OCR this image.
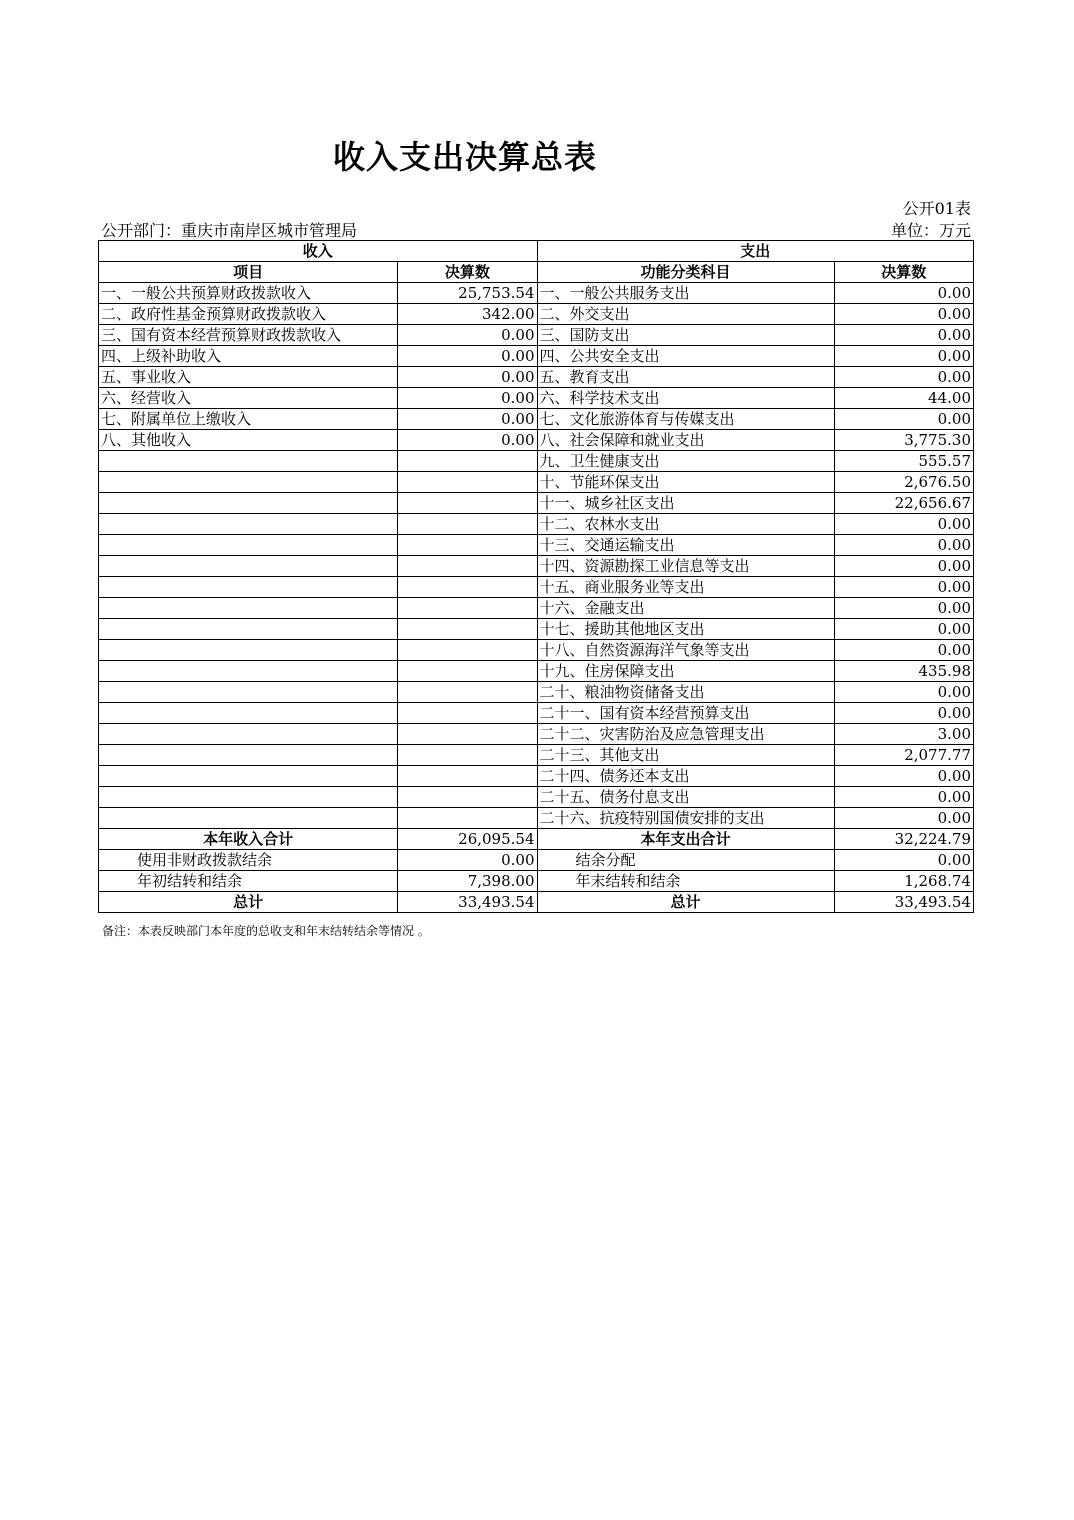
收入支出决算总表
公开01表
公开部门：重庆市南岸区城市管理局	单位：万元
收入		支出	
项目	决算数	功能分类科目	决算数
一、一般公共预算财政拨款收入	25,753.54	一、一般公共服务支出	0.00
二、政府性基金预算财政拨款收入	342.00	二、外交支出	0.00
三、国有资本经营预算财政拨款收入	0.00	三、国防支出	0.00
四、上级补助收入	0.00	四、公共安全支出	0.00
五、事业收入	0.00	五、教育支出	0.00
六、经营收入	0.00	六、科学技术支出	44.00
七、附属单位上缴收入	0.00	七、文化旅游体育与传媒支出	0.00
八、其他收入	0.00	八、社会保障和就业支出	3,775.30
		九、卫生健康支出	555.57
		十、节能环保支出	2,676.50
		十一、城乡社区支出	22,656.67
		十二、农林水支出	0.00
		十三、交通运输支出	0.00
		十四、资源勘探工业信息等支出	0.00
		十五、商业服务业等支出	0.00
		十六、金融支出	0.00
		十七、援助其他地区支出	0.00
		十八、自然资源海洋气象等支出	0.00
		十九、住房保障支出	435.98
		二十、粮油物资储备支出	0.00
		二十一、国有资本经营预算支出	0.00
		二十二、灾害防治及应急管理支出	3.00
		二十三、其他支出	2,077.77
		二十四、债务还本支出	0.00
		二十五、债务付息支出	0.00
		二十六、抗疫特别国债安排的支出	0.00
本年收入合计	26,095.54	本年支出合计	32,224.79
使用非财政拨款结余	0.00	结余分配	0.00
年初结转和结余	7,398.00	年末结转和结余	1,268.74
总计	33,493.54	总计	33,493.54
备注：本表反映部门本年度的总收支和年末结转结余等情况 。
